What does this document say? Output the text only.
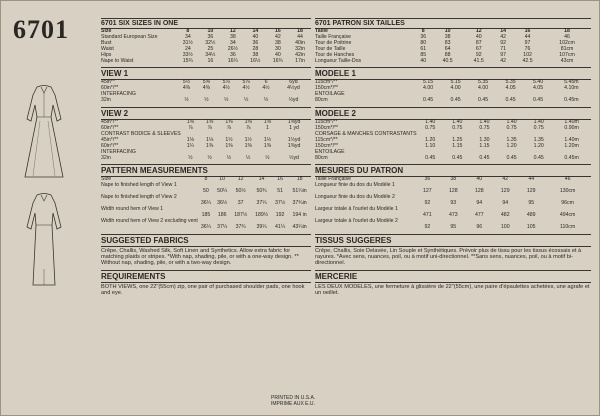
6701	6701 SIX SIZES IN ONE
Size	8	10	12	14	16	18
Standard European Size	34	36	38	40	42	44
Bust	31½	32½	34	36	38	40in
Waist	24	25	26½	28	30	32in
Hips	33½	34½	36	38	40	42in
Nape to Waist	15¾	16	16¼	16½	16¾	17in
VIEW 1
45in**	5½	5⅝	5⅞	5⅞	6	6yd
60in*/**	4⅜	4⅜	4½	4½	4½	4½yd
INTERFACING						
32in	½	½	½	½	½	½yd
VIEW 2
45in*/**	1⅜	1⅜	1⅜	1⅜	1⅝	1⅝yd
60in*/**	⅞	⅞	⅞	⅞	1	1 yd
CONTRAST BODICE & SLEEVES						
45in*/**	1⅛	1⅛	1½	1½	1½	1½yd
60in*/**	1¼	1⅜	1⅜	1⅜	1⅜	1⅜yd
INTERFACING						
32in	½	½	½	½	½	½yd
PATTERN MEASUREMENTS
Size	8	10	12	14	16	18
Nape to finished length of View 1						
	50	50¼	50½	50¾	51	51¼in
Nape to finished length of View 2						
	36¼	36½	37	37¼	37½	37¾in
Width round hem of View 1						
	185	186	187½	189½	192	194 in
Width round hem of View 2 excluding vent						
	36¼	37¼	37¾	39¼	41¼	43¼in
SUGGESTED FABRICS
Crêpe, Challis, Washed Silk, Soft Linen and Synthetics. Allow extra fabric for matching plaids or stripes. *With nap, shading, pile, or with a one-way design. ** Without nap, shading, pile, or with a two-way design.
REQUIREMENTS
BOTH VIEWS, one 22"(55cm) zip, one pair of purchased shoulder pads, one hook and eye.
6701 PATRON SIX TAILLES
Taille	8	10	12	14	16	18
Taille Française	36	38	40	42	44	46
Tour de Poitrine	80	83	87	92	97	102cm
Tour de Taille	61	64	67	71	76	81cm
Tour de Hanches	85	88	92	97	102	107cm
Longueur Taille-Dos	40	40.5	41.5	42	42.5	43cm
MODELE 1
115cm*/**	5.15	5.15	5.35	5.35	5.40	5.45m
150cm*/**	4.00	4.00	4.00	4.05	4.05	4.10m
ENTOILAGE						
80cm	0.45	0.45	0.45	0.45	0.45	0.45m
MODELE 2
115cm*/**	1.40	1.40	1.40	1.40	1.40	1.40m
150cm*/**	0.75	0.75	0.75	0.75	0.75	0.90m
CORSAGE & MANCHES CONTRASTANTS						
115cm*/**	1.20	1.25	1.30	1.35	1.35	1.40m
150cm*/**	1.10	1.15	1.15	1.20	1.20	1.20m
ENTOILAGE						
80cm	0.45	0.45	0.45	0.45	0.45	0.45m
MESURES DU PATRON
Taille Française	36	38	40	42	44	46
Longueur finie du dos du Modèle 1						
	127	128	128	129	129	130cm
Longueur finie du dos du Modèle 2						
	92	93	94	94	95	96cm
Largeur totale à l'ourlet du Modèle 1						
	471	473	477	482	489	494cm
Largeur totale à l'ourlet du Modèle 2						
	92	95	96	100	105	110cm
TISSUS SUGGERES
Crêpe, Challis, Soie Delavée, Lin Souple et Synthétiques. Prévoir plus de tissu pour les tissus écossais et à rayures. *Avec sens, nuances, poil, ou à motif uni-directionnel. **Sans sens, nuances, poil, ou à motif bi-directionnel.
MERCERIE
LES DEUX MODELES, une fermeture à glissière de 22"(55cm), une paire d'épaulettes achetées, une agrafe et un oeillet.
PRINTED IN U.S.A.
IMPRIME AUX E.U.
